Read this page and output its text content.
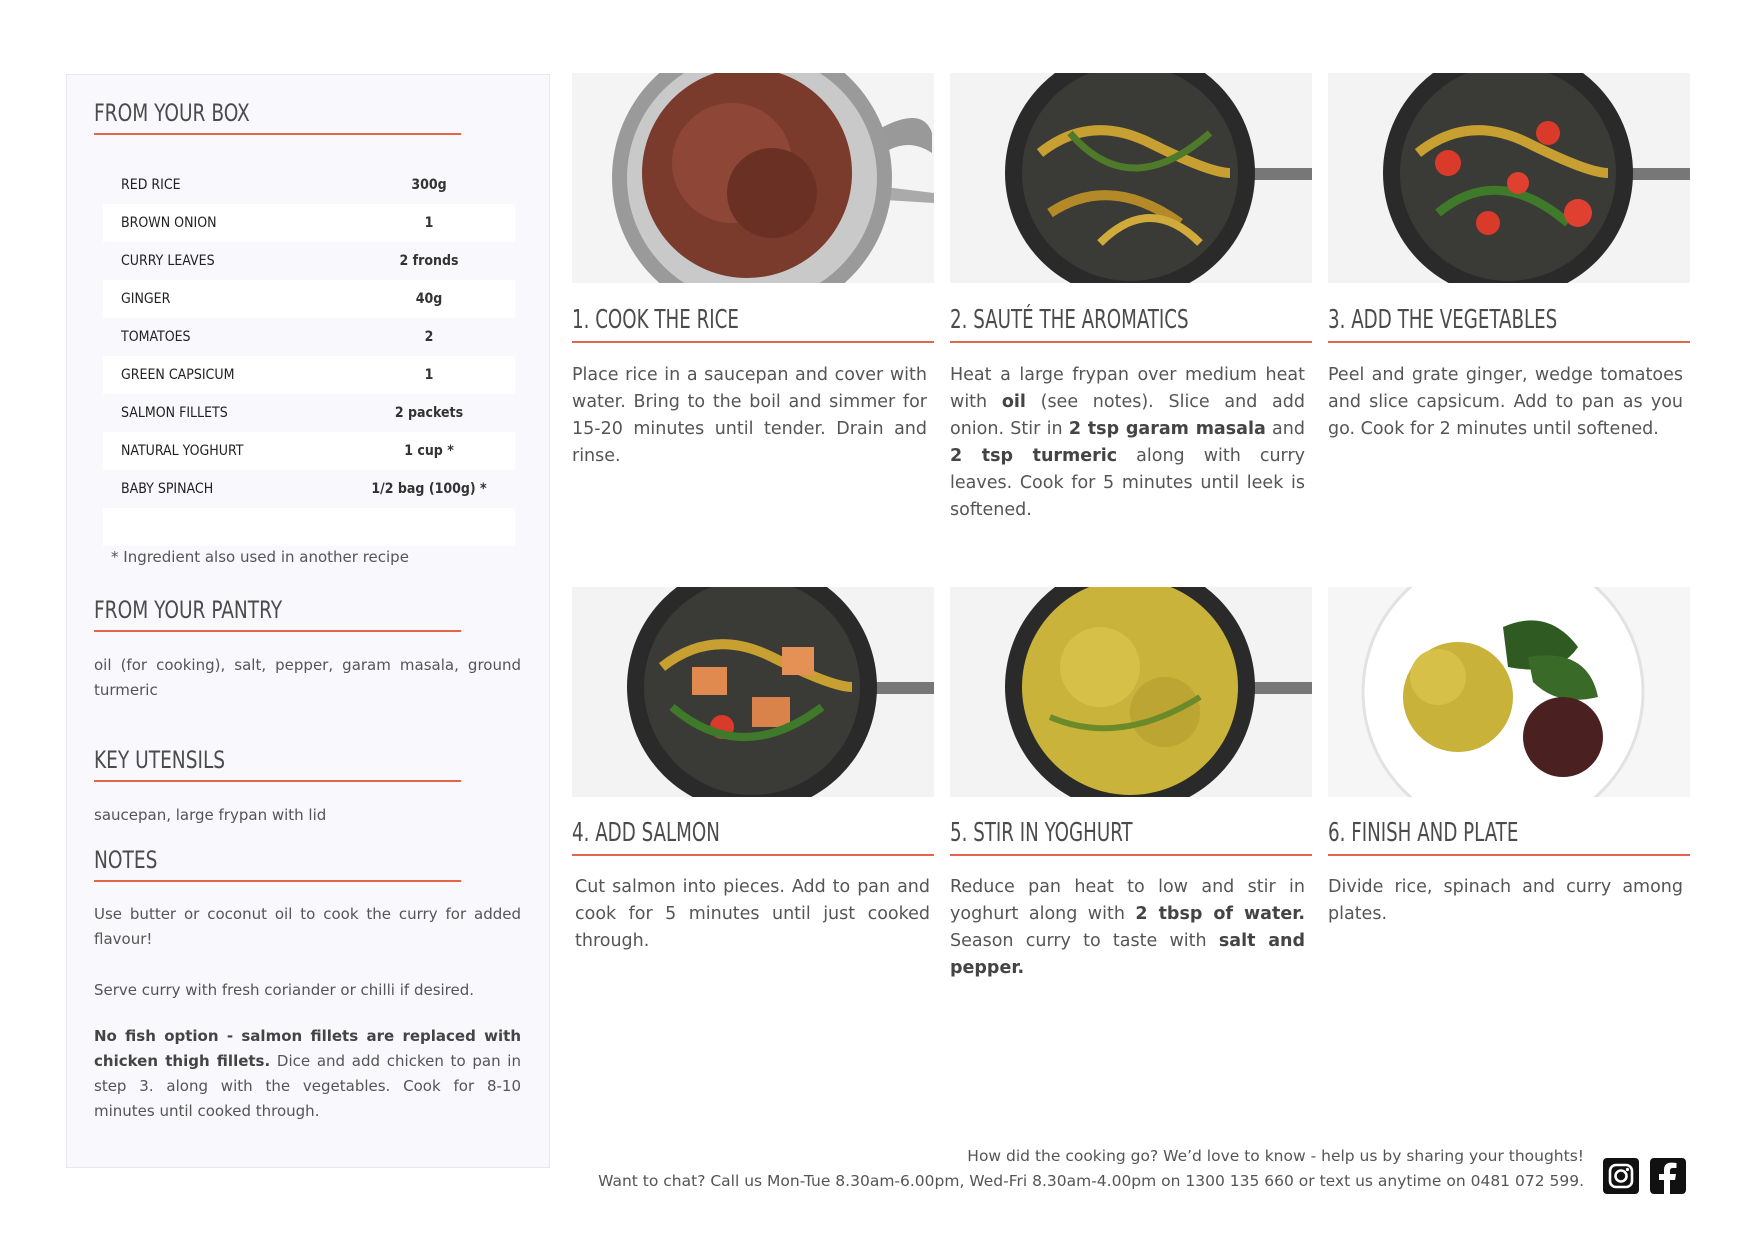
FROM YOUR BOX
RED RICE	300g
BROWN ONION	1
CURRY LEAVES	2 fronds
GINGER	40g
TOMATOES	2
GREEN CAPSICUM	1
SALMON FILLETS	2 packets
NATURAL YOGHURT	1 cup *
BABY SPINACH	1/2 bag (100g) *
* Ingredient also used in another recipe
FROM YOUR PANTRY
oil (for cooking), salt, pepper, garam masala, ground turmeric
KEY UTENSILS
saucepan, large frypan with lid
NOTES
Use butter or coconut oil to cook the curry for added flavour!
Serve curry with fresh coriander or chilli if desired.
No fish option - salmon fillets are replaced with chicken thigh fillets. Dice and add chicken to pan in step 3. along with the vegetables. Cook for 8-10 minutes until cooked through.
1. COOK THE RICE
Place rice in a saucepan and cover with water. Bring to the boil and simmer for 15-20 minutes until tender. Drain and rinse.
2. SAUTÉ THE AROMATICS
Heat a large frypan over medium heat with oil (see notes). Slice and add onion. Stir in 2 tsp garam masala and 2 tsp turmeric along with curry leaves. Cook for 5 minutes until leek is softened.
3. ADD THE VEGETABLES
Peel and grate ginger, wedge tomatoes and slice capsicum. Add to pan as you go. Cook for 2 minutes until softened.
4. ADD SALMON
Cut salmon into pieces. Add to pan and cook for 5 minutes until just cooked through.
5. STIR IN YOGHURT
Reduce pan heat to low and stir in yoghurt along with 2 tbsp of water. Season curry to taste with salt and pepper.
6. FINISH AND PLATE
Divide rice, spinach and curry among plates.
How did the cooking go? We’d love to know - help us by sharing your thoughts!
Want to chat? Call us Mon-Tue 8.30am-6.00pm, Wed-Fri 8.30am-4.00pm on 1300 135 660 or text us anytime on 0481 072 599.
